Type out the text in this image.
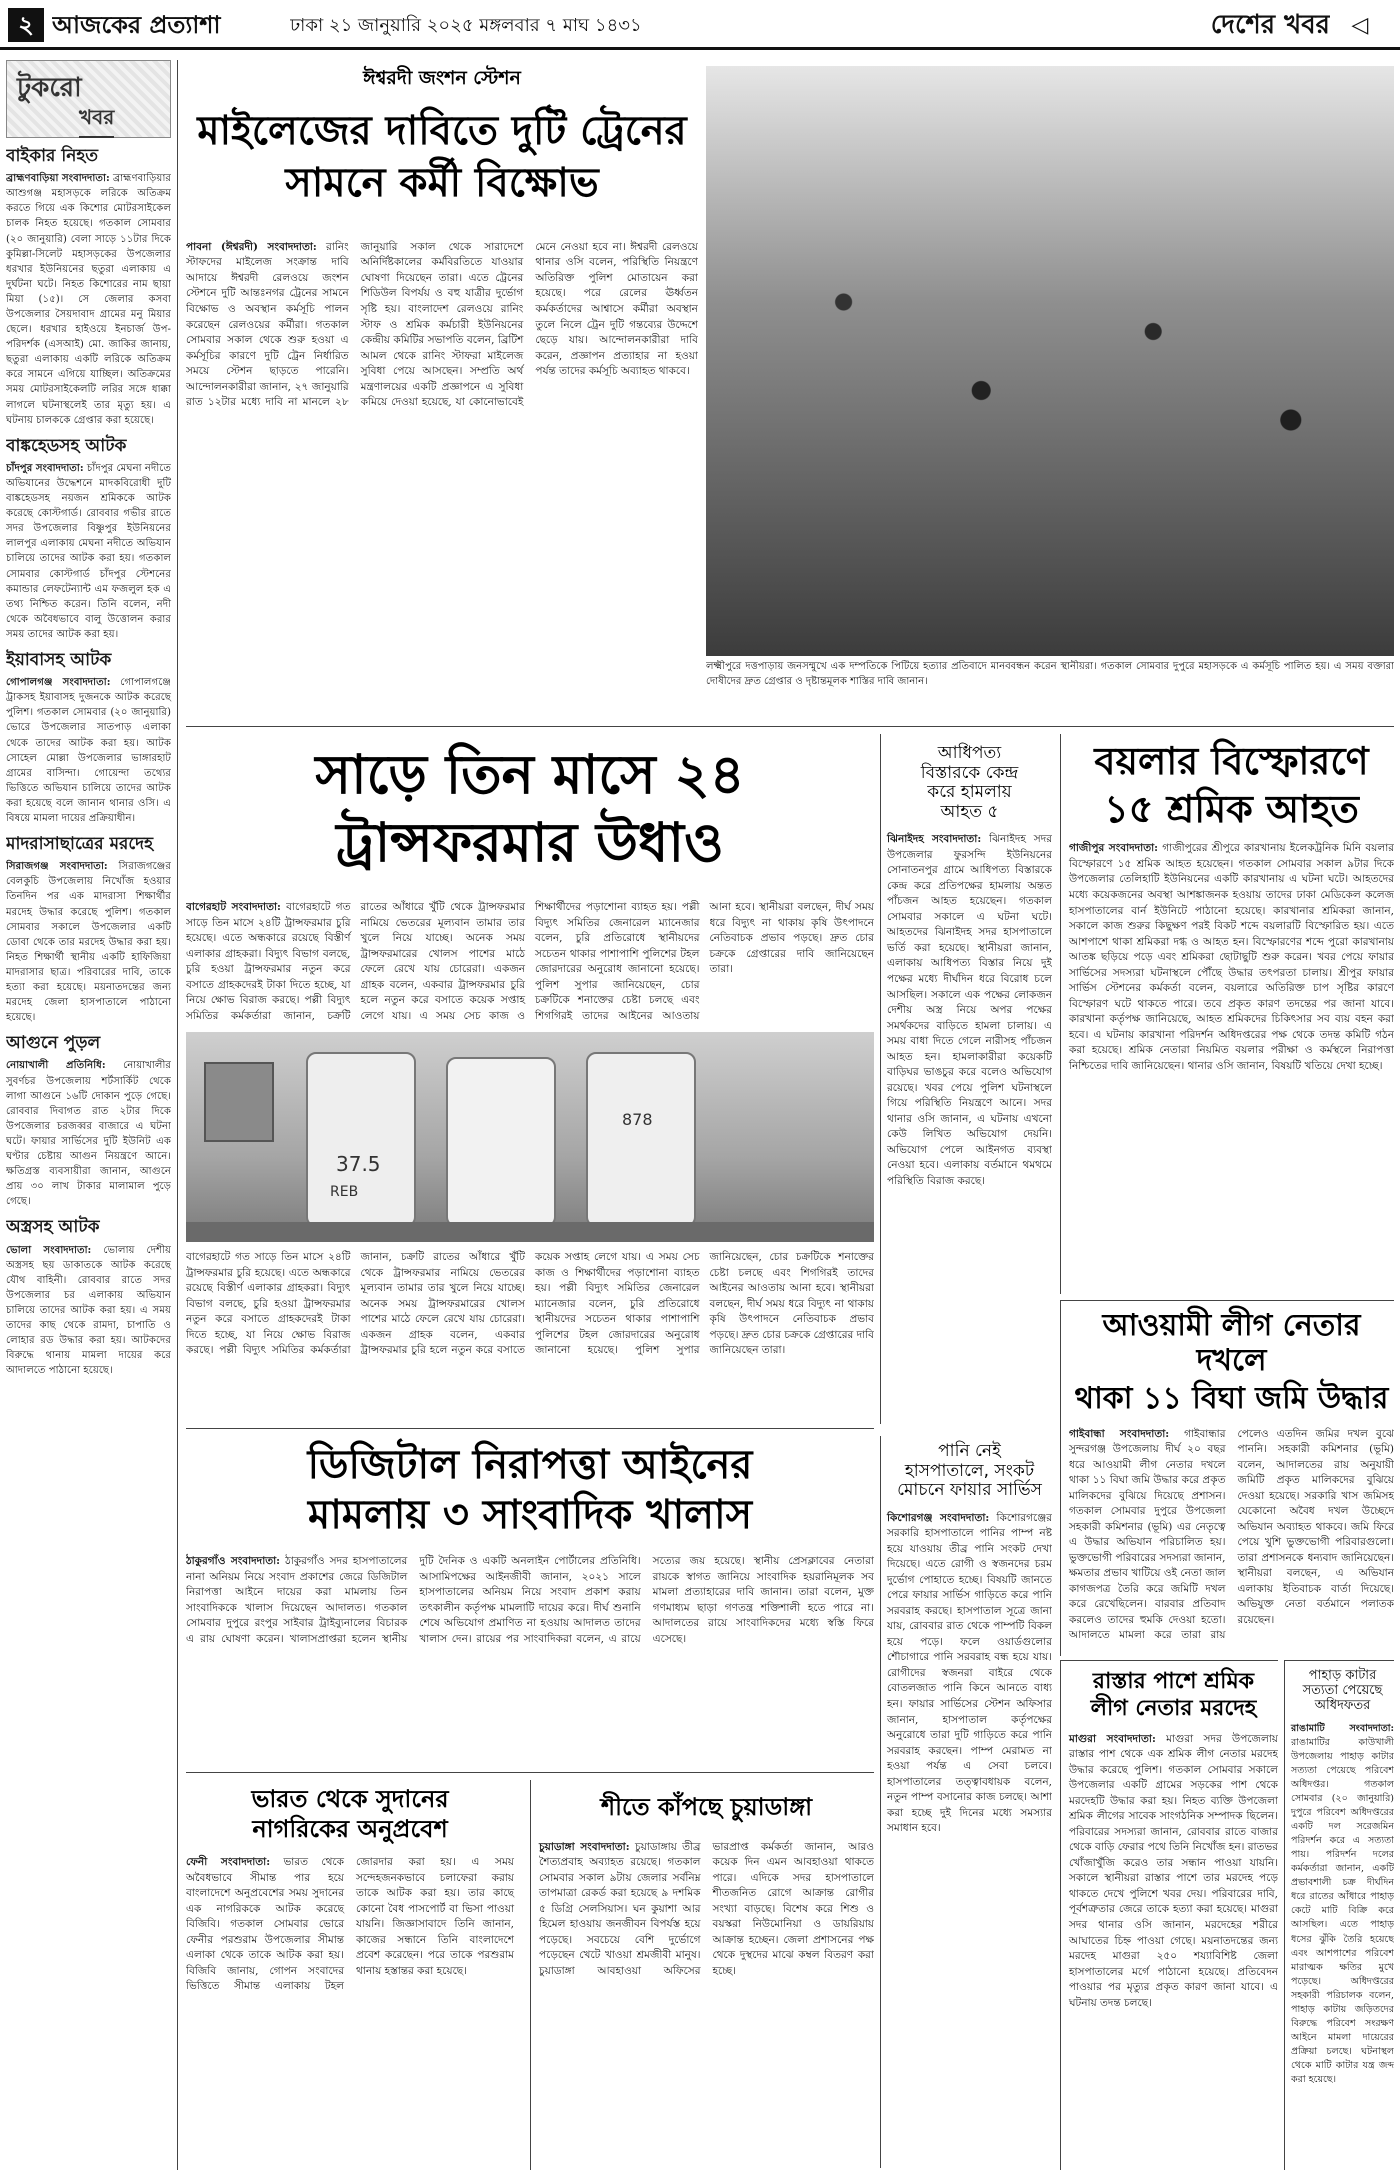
২ আজকের প্রত্যাশা	ঢাকা ২১ জানুয়ারি ২০২৫ মঙ্গলবার ৭ মাঘ ১৪৩১	দেশের খবর ◁
টুকরো
খবর
বাইকার নিহত
ব্রাহ্মণবাড়িয়া সংবাদদাতা: ব্রাহ্মণবাড়িয়ার আশুগঞ্জ মহাসড়কে লরিকে অতিক্রম করতে গিয়ে এক কিশোর মোটরসাইকেল চালক নিহত হয়েছে। গতকাল সোমবার (২০ জানুয়ারি) বেলা সাড়ে ১১টার দিকে কুমিল্লা-সিলেট মহাসড়কের উপজেলার ধরখার ইউনিয়নের ছতুরা এলাকায় এ দুর্ঘটনা ঘটে। নিহত কিশোরের নাম ছায়া মিয়া (১৫)। সে জেলার কসবা উপজেলার সৈয়দাবাদ গ্রামের মনু মিয়ার ছেলে। ধরখার হাইওয়ে ইনচার্জ উপ-পরিদর্শক (এসআই) মো. জাকির জানায়, ছতুরা এলাকায় একটি লরিকে অতিক্রম করে সামনে এগিয়ে যাচ্ছিল। অতিক্রমের সময় মোটরসাইকেলটি লরির সঙ্গে ধাক্কা লাগলে ঘটনাস্থলেই তার মৃত্যু হয়। এ ঘটনায় চালককে গ্রেপ্তার করা হয়েছে।
বাঙ্কহেডসহ আটক
চাঁদপুর সংবাদদাতা: চাঁদপুর মেঘনা নদীতে অভিযানের উদ্ধেশনে মাদকবিরোধী দুটি বাঙ্কহেডসহ নয়জন শ্রমিককে আটক করেছে কোস্টগার্ড। রোববার গভীর রাতে সদর উপজেলার বিষ্ণুপুর ইউনিয়নের লালপুর এলাকায় মেঘনা নদীতে অভিযান চালিয়ে তাদের আটক করা হয়। গতকাল সোমবার কোস্টগার্ড চাঁদপুর স্টেশনের কমান্ডার লেফটেন্যান্ট এম ফজলুল হক এ তথ্য নিশ্চিত করেন। তিনি বলেন, নদী থেকে অবৈধভাবে বালু উত্তোলন করার সময় তাদের আটক করা হয়।
ইয়াবাসহ আটক
গোপালগঞ্জ সংবাদদাতা: গোপালগঞ্জে ট্রাকসহ ইয়াবাসহ দুজনকে আটক করেছে পুলিশ। গতকাল সোমবার (২০ জানুয়ারি) ভোরে উপজেলার সাতপাড় এলাকা থেকে তাদের আটক করা হয়। আটক সোহেল মোল্লা উপজেলার ভাঙ্গারহাট গ্রামের বাসিন্দা। গোয়েন্দা তথ্যের ভিত্তিতে অভিযান চালিয়ে তাদের আটক করা হয়েছে বলে জানান থানার ওসি। এ বিষয়ে মামলা দায়ের প্রক্রিয়াধীন।
মাদরাসাছাত্রের মরদেহ
সিরাজগঞ্জ সংবাদদাতা: সিরাজগঞ্জের বেলকুচি উপজেলায় নিখোঁজ হওয়ার তিনদিন পর এক মাদরাসা শিক্ষার্থীর মরদেহ উদ্ধার করেছে পুলিশ। গতকাল সোমবার সকালে উপজেলার একটি ডোবা থেকে তার মরদেহ উদ্ধার করা হয়। নিহত শিক্ষার্থী স্থানীয় একটি হাফিজিয়া মাদরাসার ছাত্র। পরিবারের দাবি, তাকে হত্যা করা হয়েছে। ময়নাতদন্তের জন্য মরদেহ জেলা হাসপাতালে পাঠানো হয়েছে।
আগুনে পুড়ল
নোয়াখালী প্রতিনিধি: নোয়াখালীর সুবর্ণচর উপজেলায় শর্টসার্কিট থেকে লাগা আগুনে ১৬টি দোকান পুড়ে গেছে। রোববার দিবাগত রাত ২টার দিকে উপজেলার চরজব্বর বাজারে এ ঘটনা ঘটে। ফায়ার সার্ভিসের দুটি ইউনিট এক ঘণ্টার চেষ্টায় আগুন নিয়ন্ত্রণে আনে। ক্ষতিগ্রস্ত ব্যবসায়ীরা জানান, আগুনে প্রায় ৩০ লাখ টাকার মালামাল পুড়ে গেছে।
অস্ত্রসহ আটক
ভোলা সংবাদদাতা: ভোলায় দেশীয় অস্ত্রসহ ছয় ডাকাতকে আটক করেছে যৌথ বাহিনী। রোববার রাতে সদর উপজেলার চর এলাকায় অভিযান চালিয়ে তাদের আটক করা হয়। এ সময় তাদের কাছ থেকে রামদা, চাপাতি ও লোহার রড উদ্ধার করা হয়। আটকদের বিরুদ্ধে থানায় মামলা দায়ের করে আদালতে পাঠানো হয়েছে।
ঈশ্বরদী জংশন স্টেশন
মাইলেজের দাবিতে দুটি ট্রেনের
সামনে কর্মী বিক্ষোভ
পাবনা (ঈশ্বরদী) সংবাদদাতা: রানিং স্টাফদের মাইলেজ সংক্রান্ত দাবি আদায়ে ঈশ্বরদী রেলওয়ে জংশন স্টেশনে দুটি আন্তঃনগর ট্রেনের সামনে বিক্ষোভ ও অবস্থান কর্মসূচি পালন করেছেন রেলওয়ের কর্মীরা। গতকাল সোমবার সকাল থেকে শুরু হওয়া এ কর্মসূচির কারণে দুটি ট্রেন নির্ধারিত সময়ে স্টেশন ছাড়তে পারেনি। আন্দোলনকারীরা জানান, ২৭ জানুয়ারি রাত ১২টার মধ্যে দাবি না মানলে ২৮ জানুয়ারি সকাল থেকে সারাদেশে অনির্দিষ্টকালের কর্মবিরতিতে যাওয়ার ঘোষণা দিয়েছেন তারা। এতে ট্রেনের শিডিউল বিপর্যয় ও বহু যাত্রীর দুর্ভোগ সৃষ্টি হয়। বাংলাদেশ রেলওয়ে রানিং স্টাফ ও শ্রমিক কর্মচারী ইউনিয়নের কেন্দ্রীয় কমিটির সভাপতি বলেন, ব্রিটিশ আমল থেকে রানিং স্টাফরা মাইলেজ সুবিধা পেয়ে আসছেন। সম্প্রতি অর্থ মন্ত্রণালয়ের একটি প্রজ্ঞাপনে এ সুবিধা কমিয়ে দেওয়া হয়েছে, যা কোনোভাবেই মেনে নেওয়া হবে না। ঈশ্বরদী রেলওয়ে থানার ওসি বলেন, পরিস্থিতি নিয়ন্ত্রণে অতিরিক্ত পুলিশ মোতায়েন করা হয়েছে। পরে রেলের ঊর্ধ্বতন কর্মকর্তাদের আশ্বাসে কর্মীরা অবস্থান তুলে নিলে ট্রেন দুটি গন্তব্যের উদ্দেশে ছেড়ে যায়। আন্দোলনকারীরা দাবি করেন, প্রজ্ঞাপন প্রত্যাহার না হওয়া পর্যন্ত তাদের কর্মসূচি অব্যাহত থাকবে।
লক্ষ্মীপুরে দত্তপাড়ায় জনসম্মুখে এক দম্পতিকে পিটিয়ে হত্যার প্রতিবাদে মানববন্ধন করেন স্থানীয়রা। গতকাল সোমবার দুপুরে মহাসড়কে এ কর্মসূচি পালিত হয়। এ সময় বক্তারা দোষীদের দ্রুত গ্রেপ্তার ও দৃষ্টান্তমূলক শাস্তির দাবি জানান।
সাড়ে তিন মাসে ২৪
ট্রান্সফরমার উধাও
বাগেরহাট সংবাদদাতা: বাগেরহাটে গত সাড়ে তিন মাসে ২৪টি ট্রান্সফরমার চুরি হয়েছে। এতে অন্ধকারে রয়েছে বিস্তীর্ণ এলাকার গ্রাহকরা। বিদ্যুৎ বিভাগ বলছে, চুরি হওয়া ট্রান্সফরমার নতুন করে বসাতে গ্রাহকদেরই টাকা দিতে হচ্ছে, যা নিয়ে ক্ষোভ বিরাজ করছে। পল্লী বিদ্যুৎ সমিতির কর্মকর্তারা জানান, চক্রটি রাতের আঁধারে খুঁটি থেকে ট্রান্সফরমার নামিয়ে ভেতরের মূল্যবান তামার তার খুলে নিয়ে যাচ্ছে। অনেক সময় ট্রান্সফরমারের খোলস পাশের মাঠে ফেলে রেখে যায় চোরেরা। একজন গ্রাহক বলেন, একবার ট্রান্সফরমার চুরি হলে নতুন করে বসাতে কয়েক সপ্তাহ লেগে যায়। এ সময় সেচ কাজ ও শিক্ষার্থীদের পড়াশোনা ব্যাহত হয়। পল্লী বিদ্যুৎ সমিতির জেনারেল ম্যানেজার বলেন, চুরি প্রতিরোধে স্থানীয়দের সচেতন থাকার পাশাপাশি পুলিশের টহল জোরদারের অনুরোধ জানানো হয়েছে। পুলিশ সুপার জানিয়েছেন, চোর চক্রটিকে শনাক্তের চেষ্টা চলছে এবং শিগগিরই তাদের আইনের আওতায় আনা হবে। স্থানীয়রা বলছেন, দীর্ঘ সময় ধরে বিদ্যুৎ না থাকায় কৃষি উৎপাদনে নেতিবাচক প্রভাব পড়ছে। দ্রুত চোর চক্রকে গ্রেপ্তারের দাবি জানিয়েছেন তারা।
37.5
REB
878
বাগেরহাটে গত সাড়ে তিন মাসে ২৪টি ট্রান্সফরমার চুরি হয়েছে। এতে অন্ধকারে রয়েছে বিস্তীর্ণ এলাকার গ্রাহকরা। বিদ্যুৎ বিভাগ বলছে, চুরি হওয়া ট্রান্সফরমার নতুন করে বসাতে গ্রাহকদেরই টাকা দিতে হচ্ছে, যা নিয়ে ক্ষোভ বিরাজ করছে। পল্লী বিদ্যুৎ সমিতির কর্মকর্তারা জানান, চক্রটি রাতের আঁধারে খুঁটি থেকে ট্রান্সফরমার নামিয়ে ভেতরের মূল্যবান তামার তার খুলে নিয়ে যাচ্ছে। অনেক সময় ট্রান্সফরমারের খোলস পাশের মাঠে ফেলে রেখে যায় চোরেরা। একজন গ্রাহক বলেন, একবার ট্রান্সফরমার চুরি হলে নতুন করে বসাতে কয়েক সপ্তাহ লেগে যায়। এ সময় সেচ কাজ ও শিক্ষার্থীদের পড়াশোনা ব্যাহত হয়। পল্লী বিদ্যুৎ সমিতির জেনারেল ম্যানেজার বলেন, চুরি প্রতিরোধে স্থানীয়দের সচেতন থাকার পাশাপাশি পুলিশের টহল জোরদারের অনুরোধ জানানো হয়েছে। পুলিশ সুপার জানিয়েছেন, চোর চক্রটিকে শনাক্তের চেষ্টা চলছে এবং শিগগিরই তাদের আইনের আওতায় আনা হবে। স্থানীয়রা বলছেন, দীর্ঘ সময় ধরে বিদ্যুৎ না থাকায় কৃষি উৎপাদনে নেতিবাচক প্রভাব পড়ছে। দ্রুত চোর চক্রকে গ্রেপ্তারের দাবি জানিয়েছেন তারা।
আধিপত্য
বিস্তারকে কেন্দ্র
করে হামলায়
আহত ৫
ঝিনাইদহ সংবাদদাতা: ঝিনাইদহ সদর উপজেলার ফুরসন্দি ইউনিয়নের সোনাতনপুর গ্রামে আধিপত্য বিস্তারকে কেন্দ্র করে প্রতিপক্ষের হামলায় অন্তত পাঁচজন আহত হয়েছেন। গতকাল সোমবার সকালে এ ঘটনা ঘটে। আহতদের ঝিনাইদহ সদর হাসপাতালে ভর্তি করা হয়েছে। স্থানীয়রা জানান, এলাকায় আধিপত্য বিস্তার নিয়ে দুই পক্ষের মধ্যে দীর্ঘদিন ধরে বিরোধ চলে আসছিল। সকালে এক পক্ষের লোকজন দেশীয় অস্ত্র নিয়ে অপর পক্ষের সমর্থকদের বাড়িতে হামলা চালায়। এ সময় বাধা দিতে গেলে নারীসহ পাঁচজন আহত হন। হামলাকারীরা কয়েকটি বাড়িঘর ভাঙচুর করে বলেও অভিযোগ রয়েছে। খবর পেয়ে পুলিশ ঘটনাস্থলে গিয়ে পরিস্থিতি নিয়ন্ত্রণে আনে। সদর থানার ওসি জানান, এ ঘটনায় এখনো কেউ লিখিত অভিযোগ দেয়নি। অভিযোগ পেলে আইনগত ব্যবস্থা নেওয়া হবে। এলাকায় বর্তমানে থমথমে পরিস্থিতি বিরাজ করছে।
বয়লার বিস্ফোরণে
১৫ শ্রমিক আহত
গাজীপুর সংবাদদাতা: গাজীপুরের শ্রীপুরে কারখানায় ইলেকট্রনিক মিনি বয়লার বিস্ফোরণে ১৫ শ্রমিক আহত হয়েছেন। গতকাল সোমবার সকাল ৯টার দিকে উপজেলার তেলিহাটি ইউনিয়নের একটি কারখানায় এ ঘটনা ঘটে। আহতদের মধ্যে কয়েকজনের অবস্থা আশঙ্কাজনক হওয়ায় তাদের ঢাকা মেডিকেল কলেজ হাসপাতালের বার্ন ইউনিটে পাঠানো হয়েছে। কারখানার শ্রমিকরা জানান, সকালে কাজ শুরুর কিছুক্ষণ পরই বিকট শব্দে বয়লারটি বিস্ফোরিত হয়। এতে আশপাশে থাকা শ্রমিকরা দগ্ধ ও আহত হন। বিস্ফোরণের শব্দে পুরো কারখানায় আতঙ্ক ছড়িয়ে পড়ে এবং শ্রমিকরা ছোটাছুটি শুরু করেন। খবর পেয়ে ফায়ার সার্ভিসের সদস্যরা ঘটনাস্থলে পৌঁছে উদ্ধার তৎপরতা চালায়। শ্রীপুর ফায়ার সার্ভিস স্টেশনের কর্মকর্তা বলেন, বয়লারে অতিরিক্ত চাপ সৃষ্টির কারণে বিস্ফোরণ ঘটে থাকতে পারে। তবে প্রকৃত কারণ তদন্তের পর জানা যাবে। কারখানা কর্তৃপক্ষ জানিয়েছে, আহত শ্রমিকদের চিকিৎসার সব ব্যয় বহন করা হবে। এ ঘটনায় কারখানা পরিদর্শন অধিদপ্তরের পক্ষ থেকে তদন্ত কমিটি গঠন করা হয়েছে। শ্রমিক নেতারা নিয়মিত বয়লার পরীক্ষা ও কর্মস্থলে নিরাপত্তা নিশ্চিতের দাবি জানিয়েছেন। থানার ওসি জানান, বিষয়টি খতিয়ে দেখা হচ্ছে।
ডিজিটাল নিরাপত্তা আইনের
মামলায় ৩ সাংবাদিক খালাস
ঠাকুরগাঁও সংবাদদাতা: ঠাকুরগাঁও সদর হাসপাতালের নানা অনিয়ম নিয়ে সংবাদ প্রকাশের জেরে ডিজিটাল নিরাপত্তা আইনে দায়ের করা মামলায় তিন সাংবাদিককে খালাস দিয়েছেন আদালত। গতকাল সোমবার দুপুরে রংপুর সাইবার ট্রাইব্যুনালের বিচারক এ রায় ঘোষণা করেন। খালাসপ্রাপ্তরা হলেন স্থানীয় দুটি দৈনিক ও একটি অনলাইন পোর্টালের প্রতিনিধি। আসামিপক্ষের আইনজীবী জানান, ২০২১ সালে হাসপাতালের অনিয়ম নিয়ে সংবাদ প্রকাশ করায় তৎকালীন কর্তৃপক্ষ মামলাটি দায়ের করে। দীর্ঘ শুনানি শেষে অভিযোগ প্রমাণিত না হওয়ায় আদালত তাদের খালাস দেন। রায়ের পর সাংবাদিকরা বলেন, এ রায়ে সত্যের জয় হয়েছে। স্থানীয় প্রেসক্লাবের নেতারা রায়কে স্বাগত জানিয়ে সাংবাদিক হয়রানিমূলক সব মামলা প্রত্যাহারের দাবি জানান। তারা বলেন, মুক্ত গণমাধ্যম ছাড়া গণতন্ত্র শক্তিশালী হতে পারে না। আদালতের রায়ে সাংবাদিকদের মধ্যে স্বস্তি ফিরে এসেছে।
পানি নেই
হাসপাতালে, সংকট
মোচনে ফায়ার সার্ভিস
কিশোরগঞ্জ সংবাদদাতা: কিশোরগঞ্জের সরকারি হাসপাতালে পানির পাম্প নষ্ট হয়ে যাওয়ায় তীব্র পানি সংকট দেখা দিয়েছে। এতে রোগী ও স্বজনদের চরম দুর্ভোগ পোহাতে হচ্ছে। বিষয়টি জানতে পেরে ফায়ার সার্ভিস গাড়িতে করে পানি সরবরাহ করছে। হাসপাতাল সূত্রে জানা যায়, রোববার রাত থেকে পাম্পটি বিকল হয়ে পড়ে। ফলে ওয়ার্ডগুলোর শৌচাগারে পানি সরবরাহ বন্ধ হয়ে যায়। রোগীদের স্বজনরা বাইরে থেকে বোতলজাত পানি কিনে আনতে বাধ্য হন। ফায়ার সার্ভিসের স্টেশন অফিসার জানান, হাসপাতাল কর্তৃপক্ষের অনুরোধে তারা দুটি গাড়িতে করে পানি সরবরাহ করছেন। পাম্প মেরামত না হওয়া পর্যন্ত এ সেবা চলবে। হাসপাতালের তত্ত্বাবধায়ক বলেন, নতুন পাম্প বসানোর কাজ চলছে। আশা করা হচ্ছে দুই দিনের মধ্যে সমস্যার সমাধান হবে।
আওয়ামী লীগ নেতার দখলে
থাকা ১১ বিঘা জমি উদ্ধার
গাইবান্ধা সংবাদদাতা: গাইবান্ধার সুন্দরগঞ্জ উপজেলায় দীর্ঘ ২০ বছর ধরে আওয়ামী লীগ নেতার দখলে থাকা ১১ বিঘা জমি উদ্ধার করে প্রকৃত মালিকদের বুঝিয়ে দিয়েছে প্রশাসন। গতকাল সোমবার দুপুরে উপজেলা সহকারী কমিশনার (ভূমি) এর নেতৃত্বে এ উদ্ধার অভিযান পরিচালিত হয়। ভুক্তভোগী পরিবারের সদস্যরা জানান, ক্ষমতার প্রভাব খাটিয়ে ওই নেতা জাল কাগজপত্র তৈরি করে জমিটি দখল করে রেখেছিলেন। বারবার প্রতিবাদ করলেও তাদের হুমকি দেওয়া হতো। আদালতে মামলা করে তারা রায় পেলেও এতদিন জমির দখল বুঝে পাননি। সহকারী কমিশনার (ভূমি) বলেন, আদালতের রায় অনুযায়ী জমিটি প্রকৃত মালিকদের বুঝিয়ে দেওয়া হয়েছে। সরকারি খাস জমিসহ যেকোনো অবৈধ দখল উচ্ছেদে অভিযান অব্যাহত থাকবে। জমি ফিরে পেয়ে খুশি ভুক্তভোগী পরিবারগুলো। তারা প্রশাসনকে ধন্যবাদ জানিয়েছেন। স্থানীয়রা বলছেন, এ অভিযান এলাকায় ইতিবাচক বার্তা দিয়েছে। অভিযুক্ত নেতা বর্তমানে পলাতক রয়েছেন।
রাস্তার পাশে শ্রমিক
লীগ নেতার মরদেহ
মাগুরা সংবাদদাতা: মাগুরা সদর উপজেলায় রাস্তার পাশ থেকে এক শ্রমিক লীগ নেতার মরদেহ উদ্ধার করেছে পুলিশ। গতকাল সোমবার সকালে উপজেলার একটি গ্রামের সড়কের পাশ থেকে মরদেহটি উদ্ধার করা হয়। নিহত ব্যক্তি উপজেলা শ্রমিক লীগের সাবেক সাংগঠনিক সম্পাদক ছিলেন। পরিবারের সদস্যরা জানান, রোববার রাতে বাজার থেকে বাড়ি ফেরার পথে তিনি নিখোঁজ হন। রাতভর খোঁজাখুঁজি করেও তার সন্ধান পাওয়া যায়নি। সকালে স্থানীয়রা রাস্তার পাশে তার মরদেহ পড়ে থাকতে দেখে পুলিশে খবর দেয়। পরিবারের দাবি, পূর্বশত্রুতার জেরে তাকে হত্যা করা হয়েছে। মাগুরা সদর থানার ওসি জানান, মরদেহের শরীরে আঘাতের চিহ্ন পাওয়া গেছে। ময়নাতদন্তের জন্য মরদেহ মাগুরা ২৫০ শয্যাবিশিষ্ট জেলা হাসপাতালের মর্গে পাঠানো হয়েছে। প্রতিবেদন পাওয়ার পর মৃত্যুর প্রকৃত কারণ জানা যাবে। এ ঘটনায় তদন্ত চলছে।
পাহাড় কাটার
সত্যতা পেয়েছে
অধিদফতর
রাঙামাটি সংবাদদাতা: রাঙামাটির কাউখালী উপজেলায় পাহাড় কাটার সত্যতা পেয়েছে পরিবেশ অধিদপ্তর। গতকাল সোমবার (২০ জানুয়ারি) দুপুরে পরিবেশ অধিদপ্তরের একটি দল সরেজমিন পরিদর্শন করে এ সত্যতা পায়। পরিদর্শন দলের কর্মকর্তারা জানান, একটি প্রভাবশালী চক্র দীর্ঘদিন ধরে রাতের আঁধারে পাহাড় কেটে মাটি বিক্রি করে আসছিল। এতে পাহাড় ধসের ঝুঁকি তৈরি হয়েছে এবং আশপাশের পরিবেশ মারাত্মক ক্ষতির মুখে পড়েছে। অধিদপ্তরের সহকারী পরিচালক বলেন, পাহাড় কাটায় জড়িতদের বিরুদ্ধে পরিবেশ সংরক্ষণ আইনে মামলা দায়েরের প্রক্রিয়া চলছে। ঘটনাস্থল থেকে মাটি কাটার যন্ত্র জব্দ করা হয়েছে।
ভারত থেকে সুদানের
নাগরিকের অনুপ্রবেশ
ফেনী সংবাদদাতা: ভারত থেকে অবৈধভাবে সীমান্ত পার হয়ে বাংলাদেশে অনুপ্রবেশের সময় সুদানের এক নাগরিককে আটক করেছে বিজিবি। গতকাল সোমবার ভোরে ফেনীর পরশুরাম উপজেলার সীমান্ত এলাকা থেকে তাকে আটক করা হয়। বিজিবি জানায়, গোপন সংবাদের ভিত্তিতে সীমান্ত এলাকায় টহল জোরদার করা হয়। এ সময় সন্দেহজনকভাবে চলাফেরা করায় তাকে আটক করা হয়। তার কাছে কোনো বৈধ পাসপোর্ট বা ভিসা পাওয়া যায়নি। জিজ্ঞাসাবাদে তিনি জানান, কাজের সন্ধানে তিনি বাংলাদেশে প্রবেশ করেছেন। পরে তাকে পরশুরাম থানায় হস্তান্তর করা হয়েছে।
শীতে কাঁপছে চুয়াডাঙ্গা
চুয়াডাঙ্গা সংবাদদাতা: চুয়াডাঙ্গায় তীব্র শৈত্যপ্রবাহ অব্যাহত রয়েছে। গতকাল সোমবার সকাল ৯টায় জেলার সর্বনিম্ন তাপমাত্রা রেকর্ড করা হয়েছে ৯ দশমিক ৫ ডিগ্রি সেলসিয়াস। ঘন কুয়াশা আর হিমেল হাওয়ায় জনজীবন বিপর্যস্ত হয়ে পড়েছে। সবচেয়ে বেশি দুর্ভোগে পড়েছেন খেটে খাওয়া শ্রমজীবী মানুষ। চুয়াডাঙ্গা আবহাওয়া অফিসের ভারপ্রাপ্ত কর্মকর্তা জানান, আরও কয়েক দিন এমন আবহাওয়া থাকতে পারে। এদিকে সদর হাসপাতালে শীতজনিত রোগে আক্রান্ত রোগীর সংখ্যা বাড়ছে। বিশেষ করে শিশু ও বয়স্করা নিউমোনিয়া ও ডায়রিয়ায় আক্রান্ত হচ্ছেন। জেলা প্রশাসনের পক্ষ থেকে দুস্থদের মাঝে কম্বল বিতরণ করা হচ্ছে।
